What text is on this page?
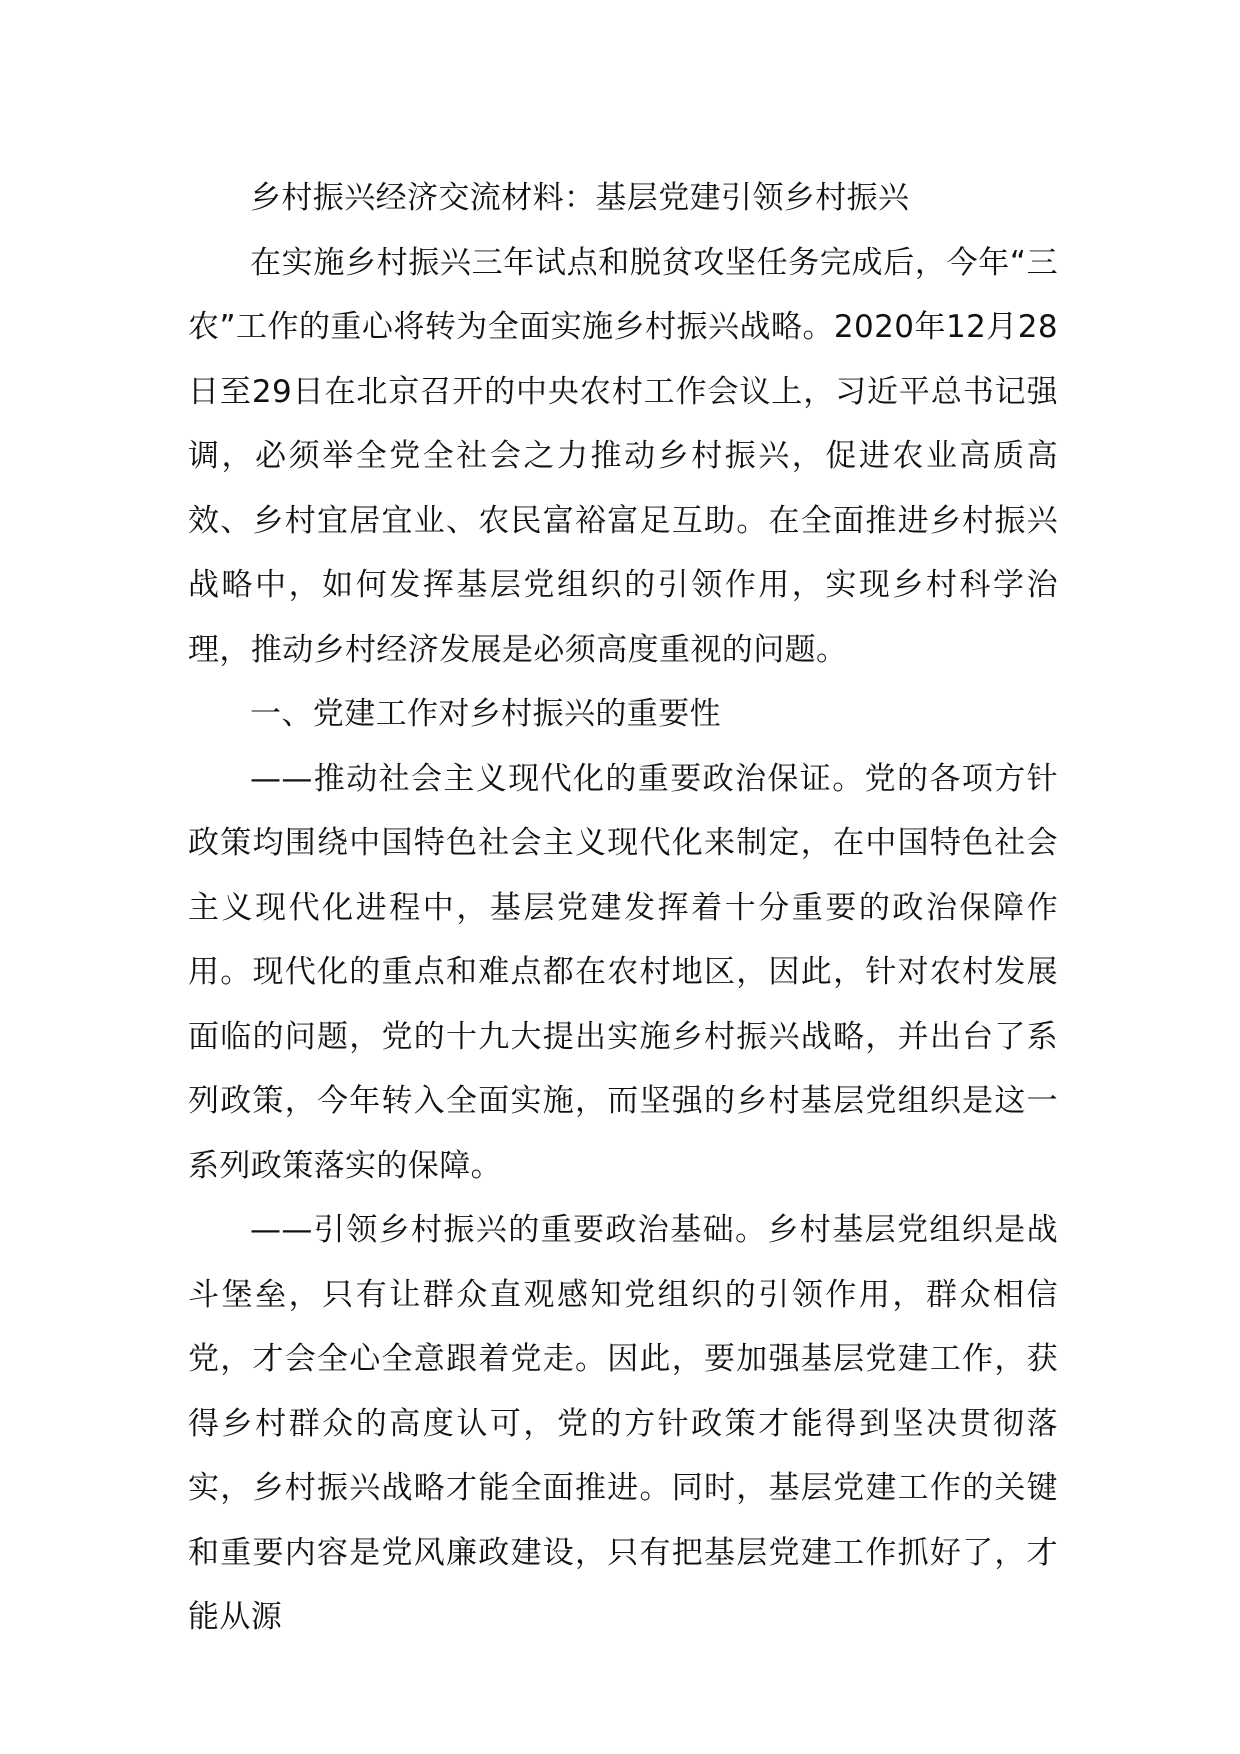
乡村振兴经济交流材料：基层党建引领乡村振兴

在实施乡村振兴三年试点和脱贫攻坚任务完成后，今年“三农”工作的重心将转为全面实施乡村振兴战略。2020年12月28日至29日在北京召开的中央农村工作会议上，习近平总书记强调，必须举全党全社会之力推动乡村振兴，促进农业高质高效、乡村宜居宜业、农民富裕富足互助。在全面推进乡村振兴战略中，如何发挥基层党组织的引领作用，实现乡村科学治理，推动乡村经济发展是必须高度重视的问题。

一、党建工作对乡村振兴的重要性

——推动社会主义现代化的重要政治保证。党的各项方针政策均围绕中国特色社会主义现代化来制定，在中国特色社会主义现代化进程中，基层党建发挥着十分重要的政治保障作用。现代化的重点和难点都在农村地区，因此，针对农村发展面临的问题，党的十九大提出实施乡村振兴战略，并出台了系列政策，今年转入全面实施，而坚强的乡村基层党组织是这一系列政策落实的保障。

——引领乡村振兴的重要政治基础。乡村基层党组织是战斗堡垒，只有让群众直观感知党组织的引领作用，群众相信党，才会全心全意跟着党走。因此，要加强基层党建工作，获得乡村群众的高度认可，党的方针政策才能得到坚决贯彻落实，乡村振兴战略才能全面推进。同时，基层党建工作的关键和重要内容是党风廉政建设，只有把基层党建工作抓好了，才能从源
